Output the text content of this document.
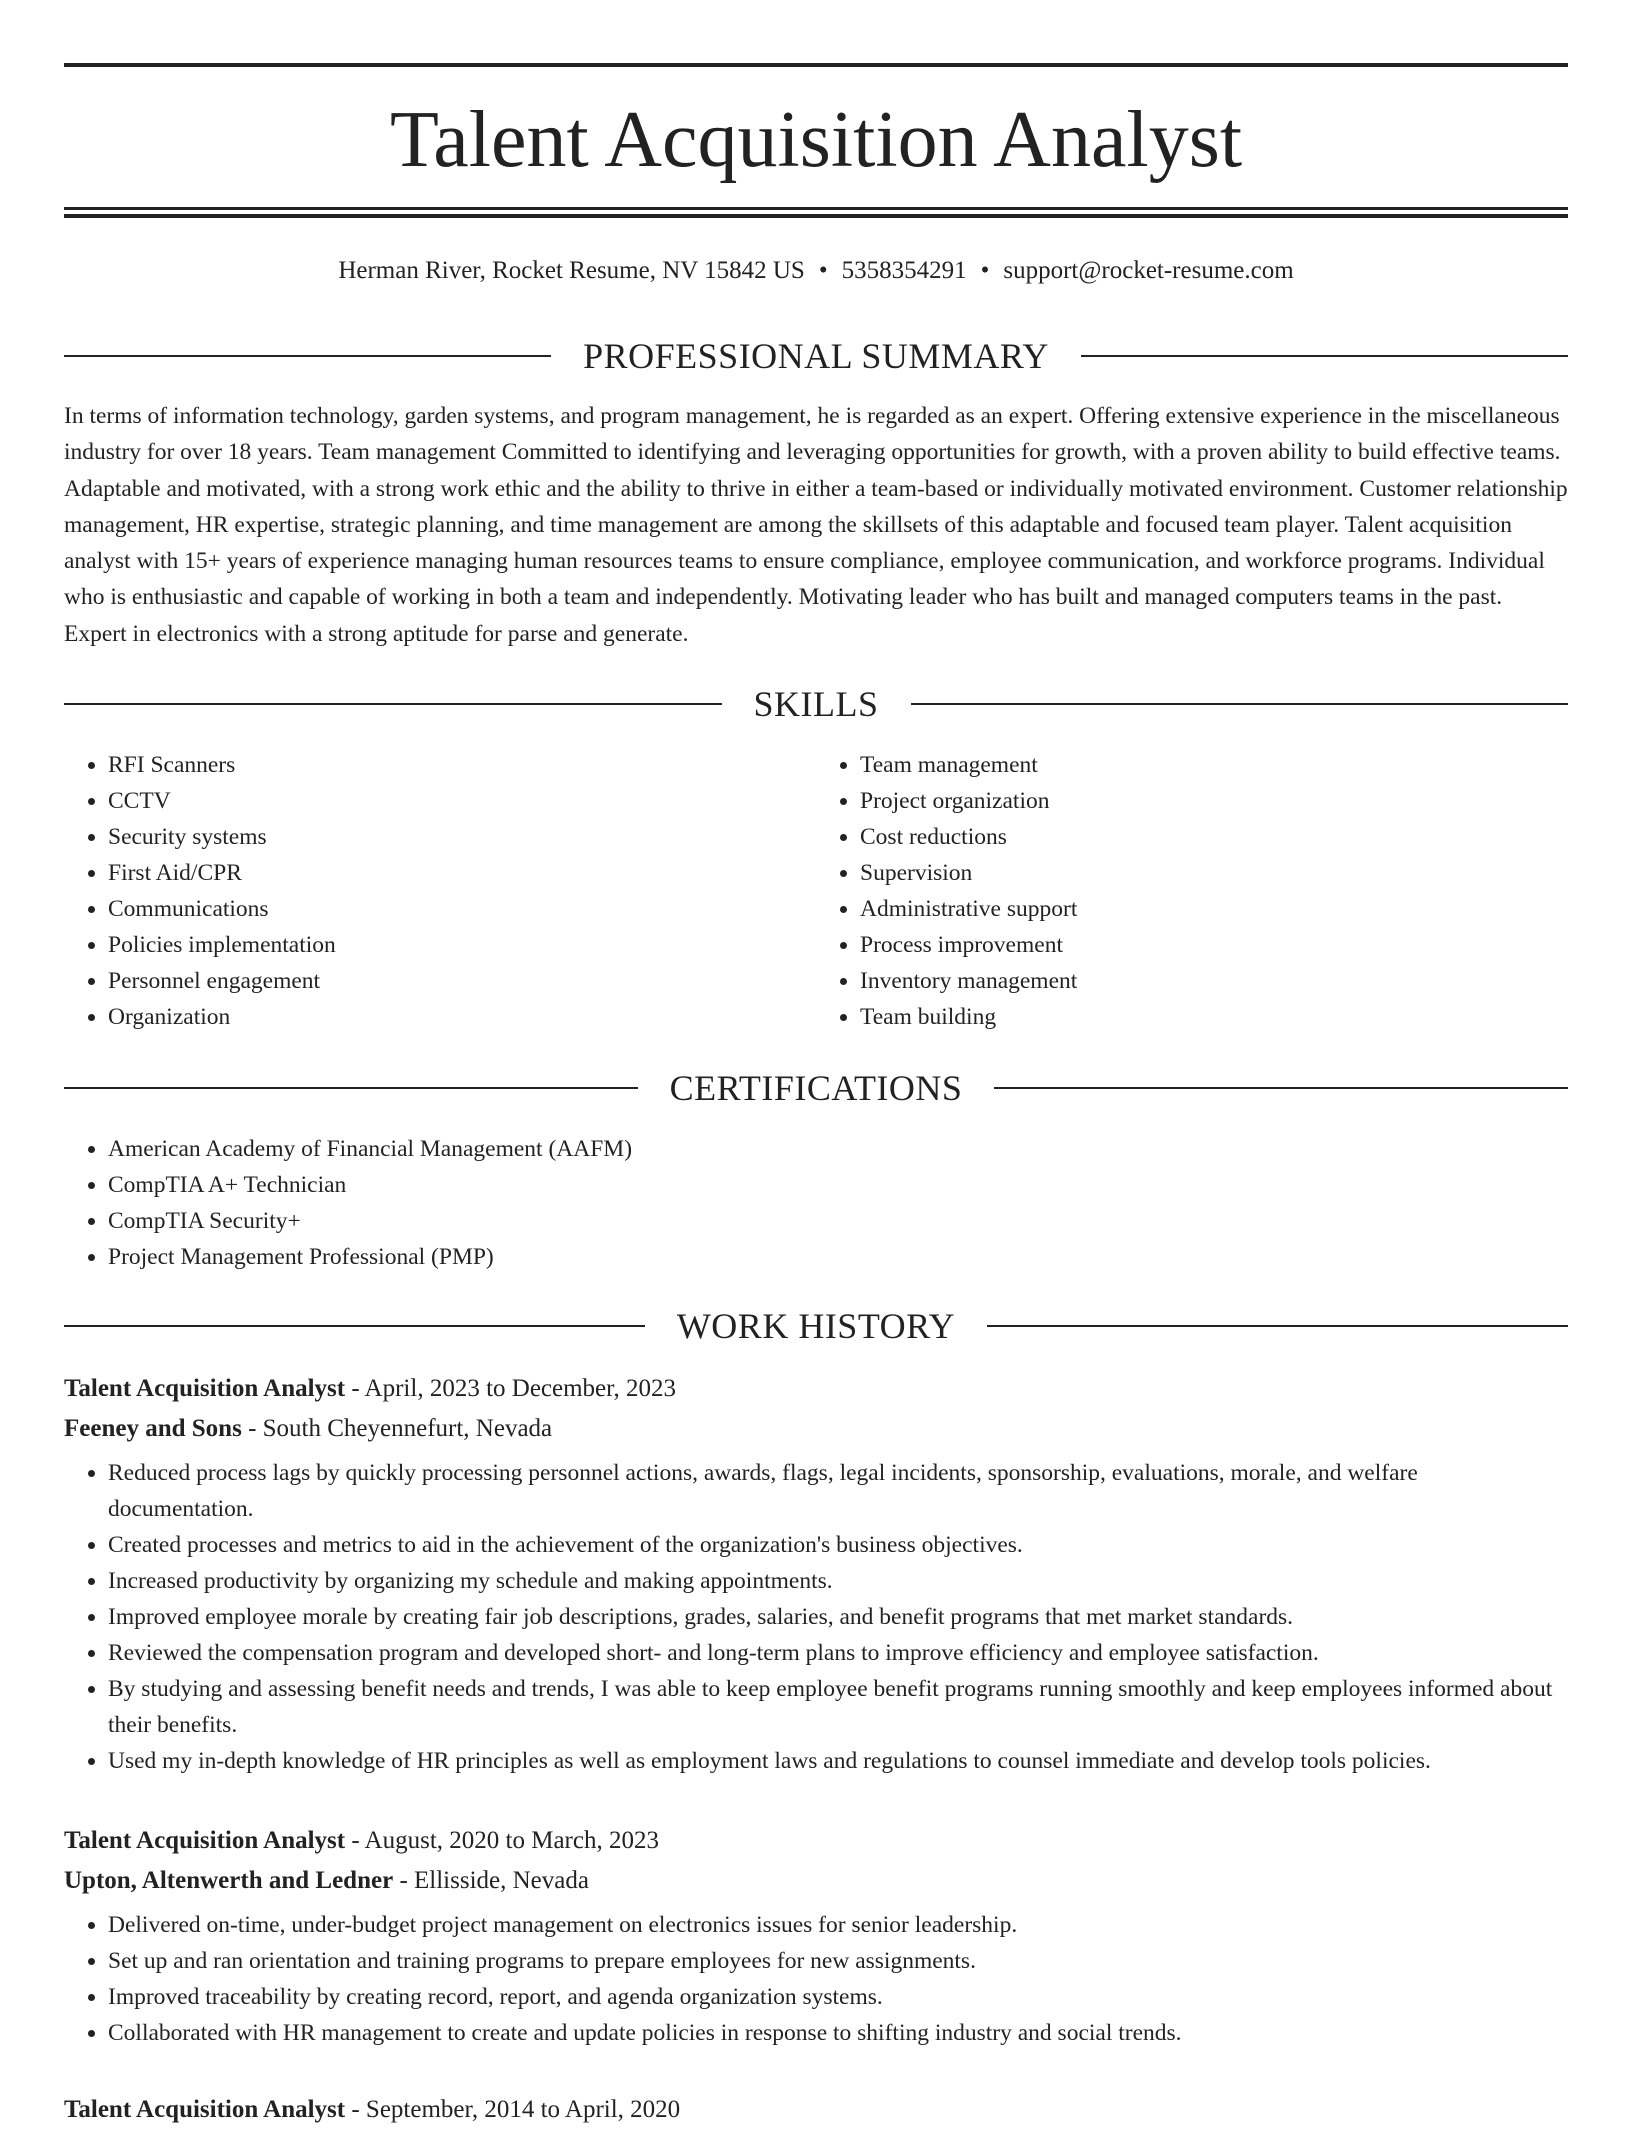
Talent Acquisition Analyst
Herman River, Rocket Resume, NV 15842 US • 5358354291 • support@rocket-resume.com
PROFESSIONAL SUMMARY

In terms of information technology, garden systems, and program management, he is regarded as an expert. Offering extensive experience in the miscellaneous industry for over 18 years. Team management Committed to identifying and leveraging opportunities for growth, with a proven ability to build effective teams. Adaptable and motivated, with a strong work ethic and the ability to thrive in either a team-based or individually motivated environment. Customer relationship management, HR expertise, strategic planning, and time management are among the skillsets of this adaptable and focused team player. Talent acquisition analyst with 15+ years of experience managing human resources teams to ensure compliance, employee communication, and workforce programs. Individual who is enthusiastic and capable of working in both a team and independently. Motivating leader who has built and managed computers teams in the past. Expert in electronics with a strong aptitude for parse and generate.

SKILLS
• RFI Scanners
• CCTV
• Security systems
• First Aid/CPR
• Communications
• Policies implementation
• Personnel engagement
• Organization
• Team management
• Project organization
• Cost reductions
• Supervision
• Administrative support
• Process improvement
• Inventory management
• Team building
CERTIFICATIONS
• American Academy of Financial Management (AAFM)
• CompTIA A+ Technician
• CompTIA Security+
• Project Management Professional (PMP)
WORK HISTORY
Talent Acquisition Analyst - April, 2023 to December, 2023
Feeney and Sons - South Cheyennefurt, Nevada
• Reduced process lags by quickly processing personnel actions, awards, flags, legal incidents, sponsorship, evaluations, morale, and welfare documentation.
• Created processes and metrics to aid in the achievement of the organization's business objectives.
• Increased productivity by organizing my schedule and making appointments.
• Improved employee morale by creating fair job descriptions, grades, salaries, and benefit programs that met market standards.
• Reviewed the compensation program and developed short- and long-term plans to improve efficiency and employee satisfaction.
• By studying and assessing benefit needs and trends, I was able to keep employee benefit programs running smoothly and keep employees informed about their benefits.
• Used my in-depth knowledge of HR principles as well as employment laws and regulations to counsel immediate and develop tools policies.
Talent Acquisition Analyst - August, 2020 to March, 2023
Upton, Altenwerth and Ledner - Ellisside, Nevada
• Delivered on-time, under-budget project management on electronics issues for senior leadership.
• Set up and ran orientation and training programs to prepare employees for new assignments.
• Improved traceability by creating record, report, and agenda organization systems.
• Collaborated with HR management to create and update policies in response to shifting industry and social trends.
Talent Acquisition Analyst - September, 2014 to April, 2020
